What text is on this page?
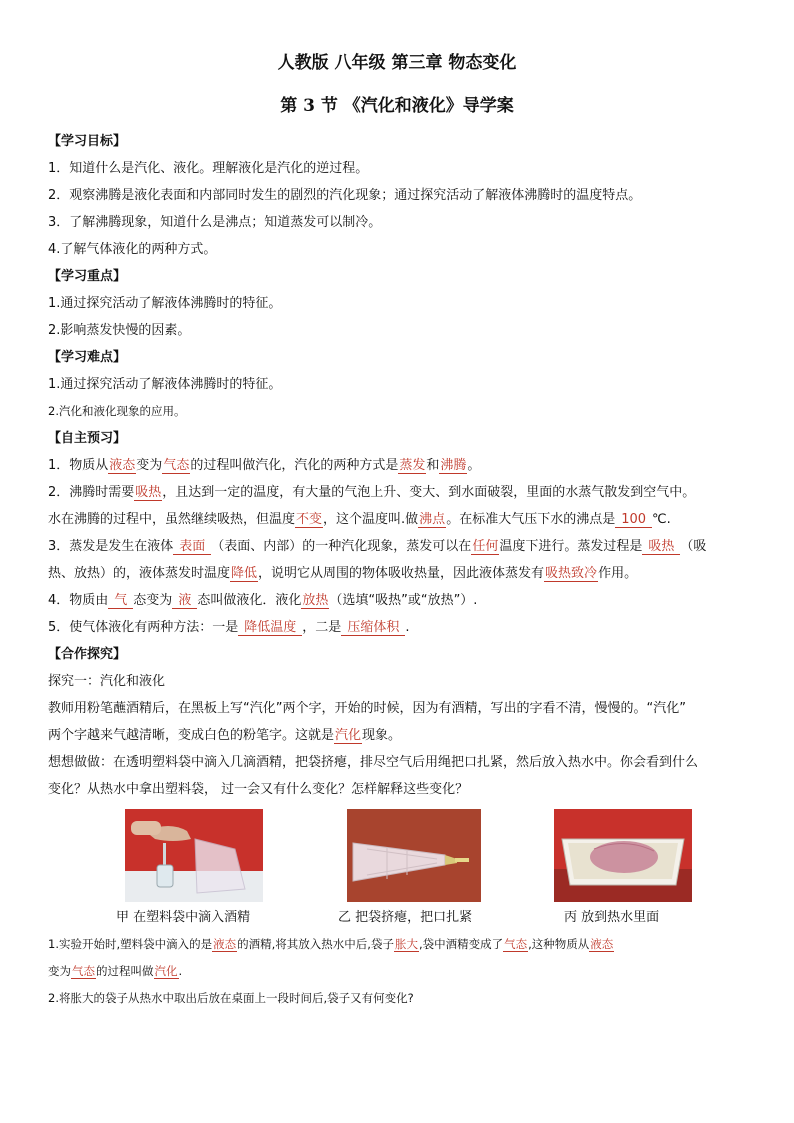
人教版 八年级 第三章 物态变化
第 3 节 《汽化和液化》导学案
【学习目标】
1．知道什么是汽化、液化。理解液化是汽化的逆过程。
2．观察沸腾是液化表面和内部同时发生的剧烈的汽化现象；通过探究活动了解液体沸腾时的温度特点。
3．了解沸腾现象，知道什么是沸点；知道蒸发可以制冷。
4.了解气体液化的两种方式。
【学习重点】
1.通过探究活动了解液体沸腾时的特征。
2.影响蒸发快慢的因素。
【学习难点】
1.通过探究活动了解液体沸腾时的特征。
2.汽化和液化现象的应用。
【自主预习】
1．物质从液态变为气态的过程叫做汽化，汽化的两种方式是蒸发和沸腾。
2．沸腾时需要吸热，且达到一定的温度，有大量的气泡上升、变大、到水面破裂，里面的水蒸气散发到空气中。
水在沸腾的过程中，虽然继续吸热，但温度不变，这个温度叫.做沸点。在标准大气压下水的沸点是 100 ℃.
3．蒸发是发生在液体 表面 （表面、内部）的一种汽化现象，蒸发可以在任何温度下进行。蒸发过程是 吸热 （吸
热、放热）的，液体蒸发时温度降低，说明它从周围的物体吸收热量，因此液体蒸发有吸热致冷作用。
4．物质由 气 态变为 液 态叫做液化．液化放热（选填“吸热”或“放热”）.
5．使气体液化有两种方法：一是 降低温度 ，二是 压缩体积 .
【合作探究】
探究一：汽化和液化
教师用粉笔蘸酒精后，在黑板上写“汽化”两个字，开始的时候，因为有酒精，写出的字看不清，慢慢的。“汽化”
两个字越来气越清晰，变成白色的粉笔字。这就是汽化现象。
想想做做：在透明塑料袋中滴入几滴酒精，把袋挤瘪，排尽空气后用绳把口扎紧，然后放入热水中。你会看到什么
变化？从热水中拿出塑料袋， 过一会又有什么变化？怎样解释这些变化？
甲 在塑料袋中滴入酒精	乙 把袋挤瘪，把口扎紧	丙 放到热水里面
1.实验开始时,塑料袋中滴入的是液态的酒精,将其放入热水中后,袋子胀大,袋中酒精变成了气态,这种物质从液态
变为气态的过程叫做汽化.
2.将胀大的袋子从热水中取出后放在桌面上一段时间后,袋子又有何变化?
